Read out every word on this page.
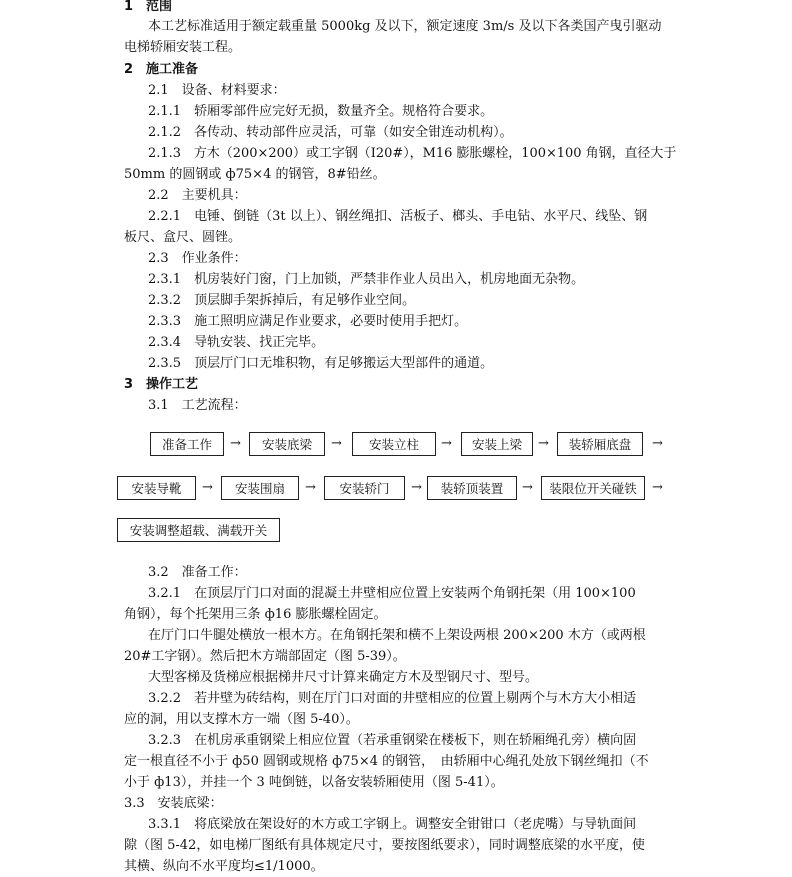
1　范围

本工艺标准适用于额定载重量 5000kg 及以下，额定速度 3m/s 及以下各类国产曳引驱动

电梯轿厢安装工程。

2　施工准备

2.1　设备、材料要求：

2.1.1　轿厢零部件应完好无损，数量齐全。规格符合要求。

2.1.2　各传动、转动部件应灵活，可靠（如安全钳连动机构）。

2.1.3　方木（200×200）或工字钢（I20#），M16 膨胀螺栓，100×100 角钢，直径大于

50mm 的圆钢或 ф75×4 的钢管，8#铅丝。

2.2　主要机具：

2.2.1　电锤、倒链（3t 以上）、钢丝绳扣、活板子、榔头、手电钻、水平尺、线坠、钢

板尺、盒尺、圆锉。

2.3　作业条件：

2.3.1　机房装好门窗，门上加锁，严禁非作业人员出入，机房地面无杂物。

2.3.2　顶层脚手架拆掉后，有足够作业空间。

2.3.3　施工照明应满足作业要求，必要时使用手把灯。

2.3.4　导轨安装、找正完毕。

2.3.5　顶层厅门口无堆积物，有足够搬运大型部件的通道。

3　操作工艺

3.1　工艺流程：

准备工作	→	安装底梁	→	安装立柱	→	安装上梁	→	装轿厢底盘	→
安装导靴	→	安装围扇	→	安装轿门	→	装轿顶装置	→	装限位开关碰铁	→
安装调整超载、满载开关

3.2　准备工作：

3.2.1　在顶层厅门口对面的混凝土井壁相应位置上安装两个角钢托架（用 100×100

角钢），每个托架用三条 ф16 膨胀螺栓固定。

在厅门口牛腿处横放一根木方。在角钢托架和横不上架设两根 200×200 木方（或两根

20#工字钢）。然后把木方端部固定（图 5-39）。

大型客梯及货梯应根据梯井尺寸计算来确定方木及型钢尺寸、型号。

3.2.2　若井壁为砖结构，则在厅门口对面的井壁相应的位置上剔两个与木方大小相适

应的洞，用以支撑木方一端（图 5-40）。

3.2.3　在机房承重钢梁上相应位置（若承重钢梁在楼板下，则在轿厢绳孔旁）横向固

定一根直径不小于 ф50 圆钢或规格 ф75×4 的钢管，　由轿厢中心绳孔处放下钢丝绳扣（不

小于 ф13），并挂一个 3 吨倒链，以备安装轿厢使用（图 5-41）。

3.3　安装底梁：

3.3.1　将底梁放在架设好的木方或工字钢上。调整安全钳钳口（老虎嘴）与导轨面间

隙（图 5-42，如电梯厂图纸有具体规定尺寸，要按图纸要求），同时调整底梁的水平度，使

其横、纵向不水平度均≤1/1000。
